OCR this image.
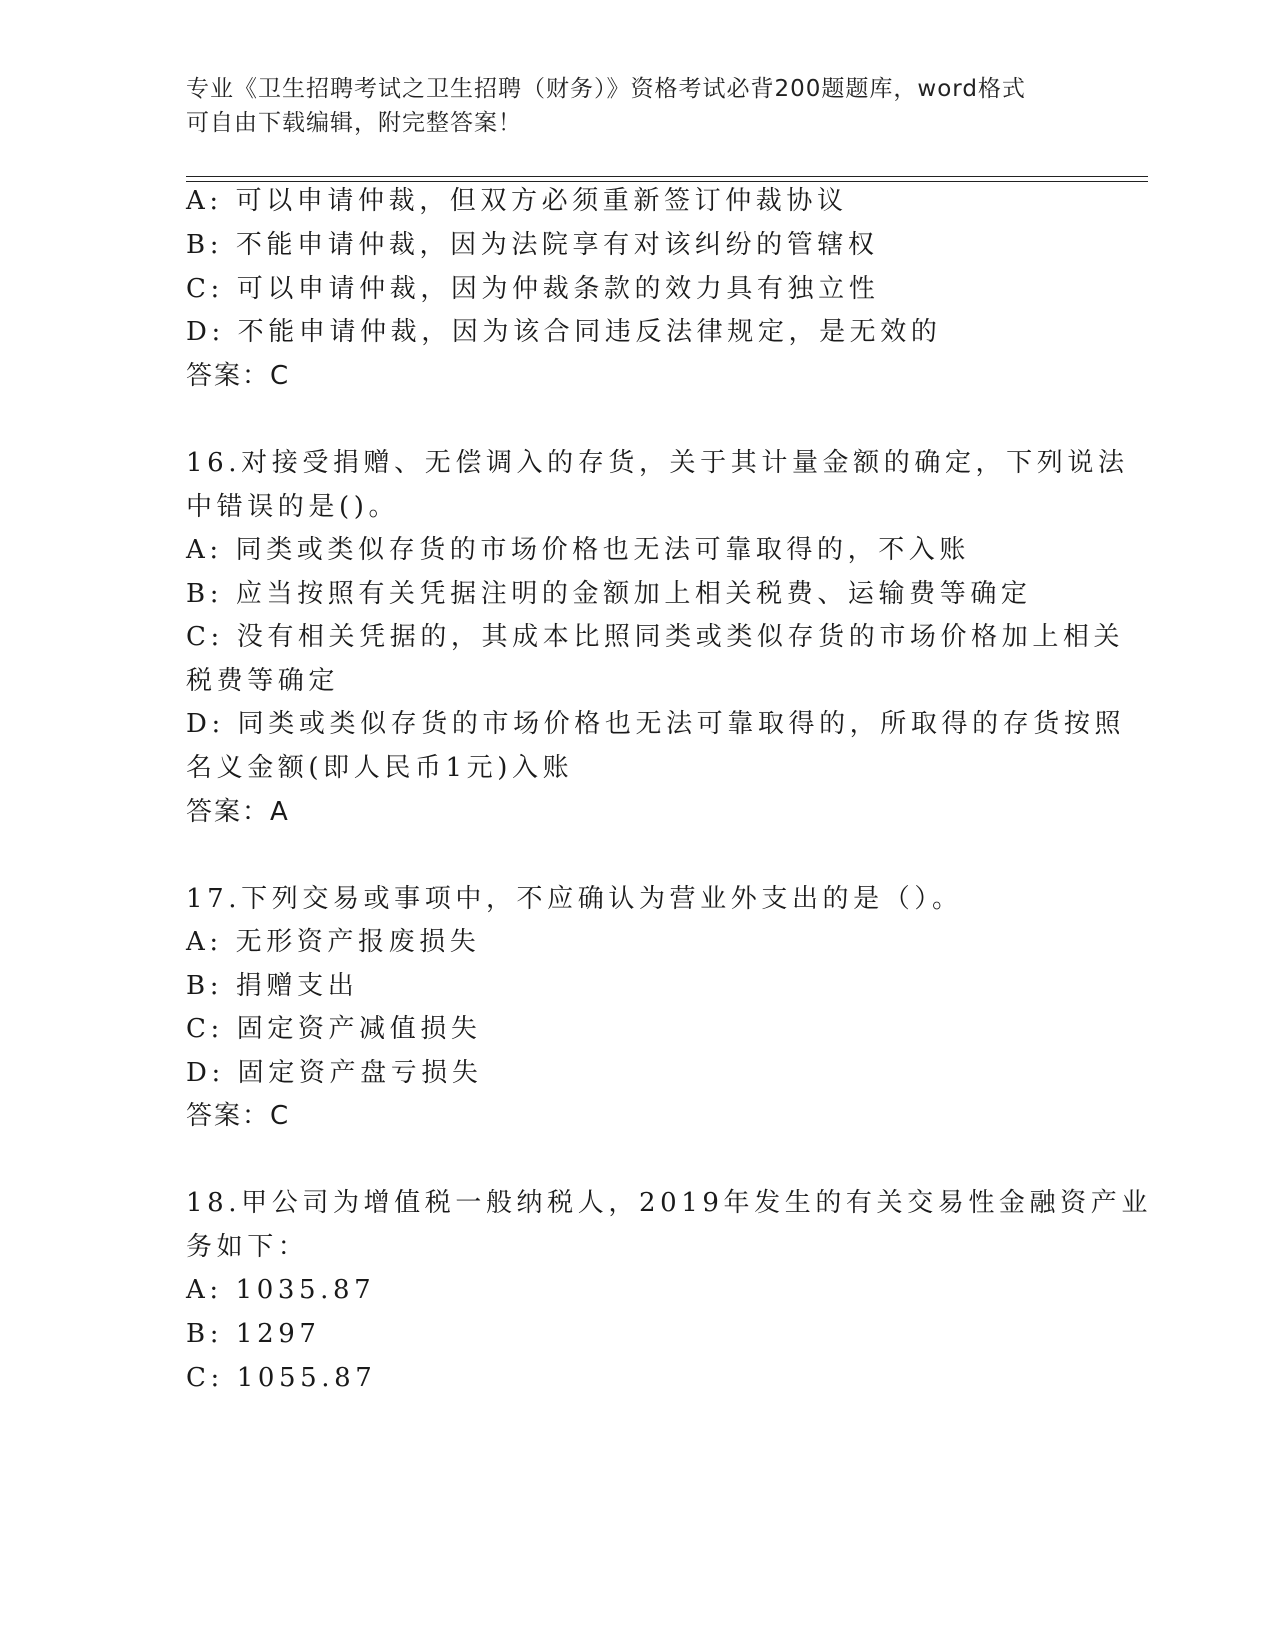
专业《卫生招聘考试之卫生招聘（财务）》资格考试必背200题题库，word格式
可自由下载编辑，附完整答案！
A: 可以申请仲裁，但双方必须重新签订仲裁协议
B: 不能申请仲裁，因为法院享有对该纠纷的管辖权
C: 可以申请仲裁，因为仲裁条款的效力具有独立性
D: 不能申请仲裁，因为该合同违反法律规定，是无效的
答案：C
16.对接受捐赠、无偿调入的存货，关于其计量金额的确定，下列说法
中错误的是()。
A: 同类或类似存货的市场价格也无法可靠取得的，不入账
B: 应当按照有关凭据注明的金额加上相关税费、运输费等确定
C: 没有相关凭据的，其成本比照同类或类似存货的市场价格加上相关
税费等确定
D: 同类或类似存货的市场价格也无法可靠取得的，所取得的存货按照
名义金额(即人民币1元)入账
答案：A
17.下列交易或事项中，不应确认为营业外支出的是（）。
A: 无形资产报废损失
B: 捐赠支出
C: 固定资产减值损失
D: 固定资产盘亏损失
答案：C
18.甲公司为增值税一般纳税人，2019年发生的有关交易性金融资产业
务如下：
A: 1035.87
B: 1297
C: 1055.87
